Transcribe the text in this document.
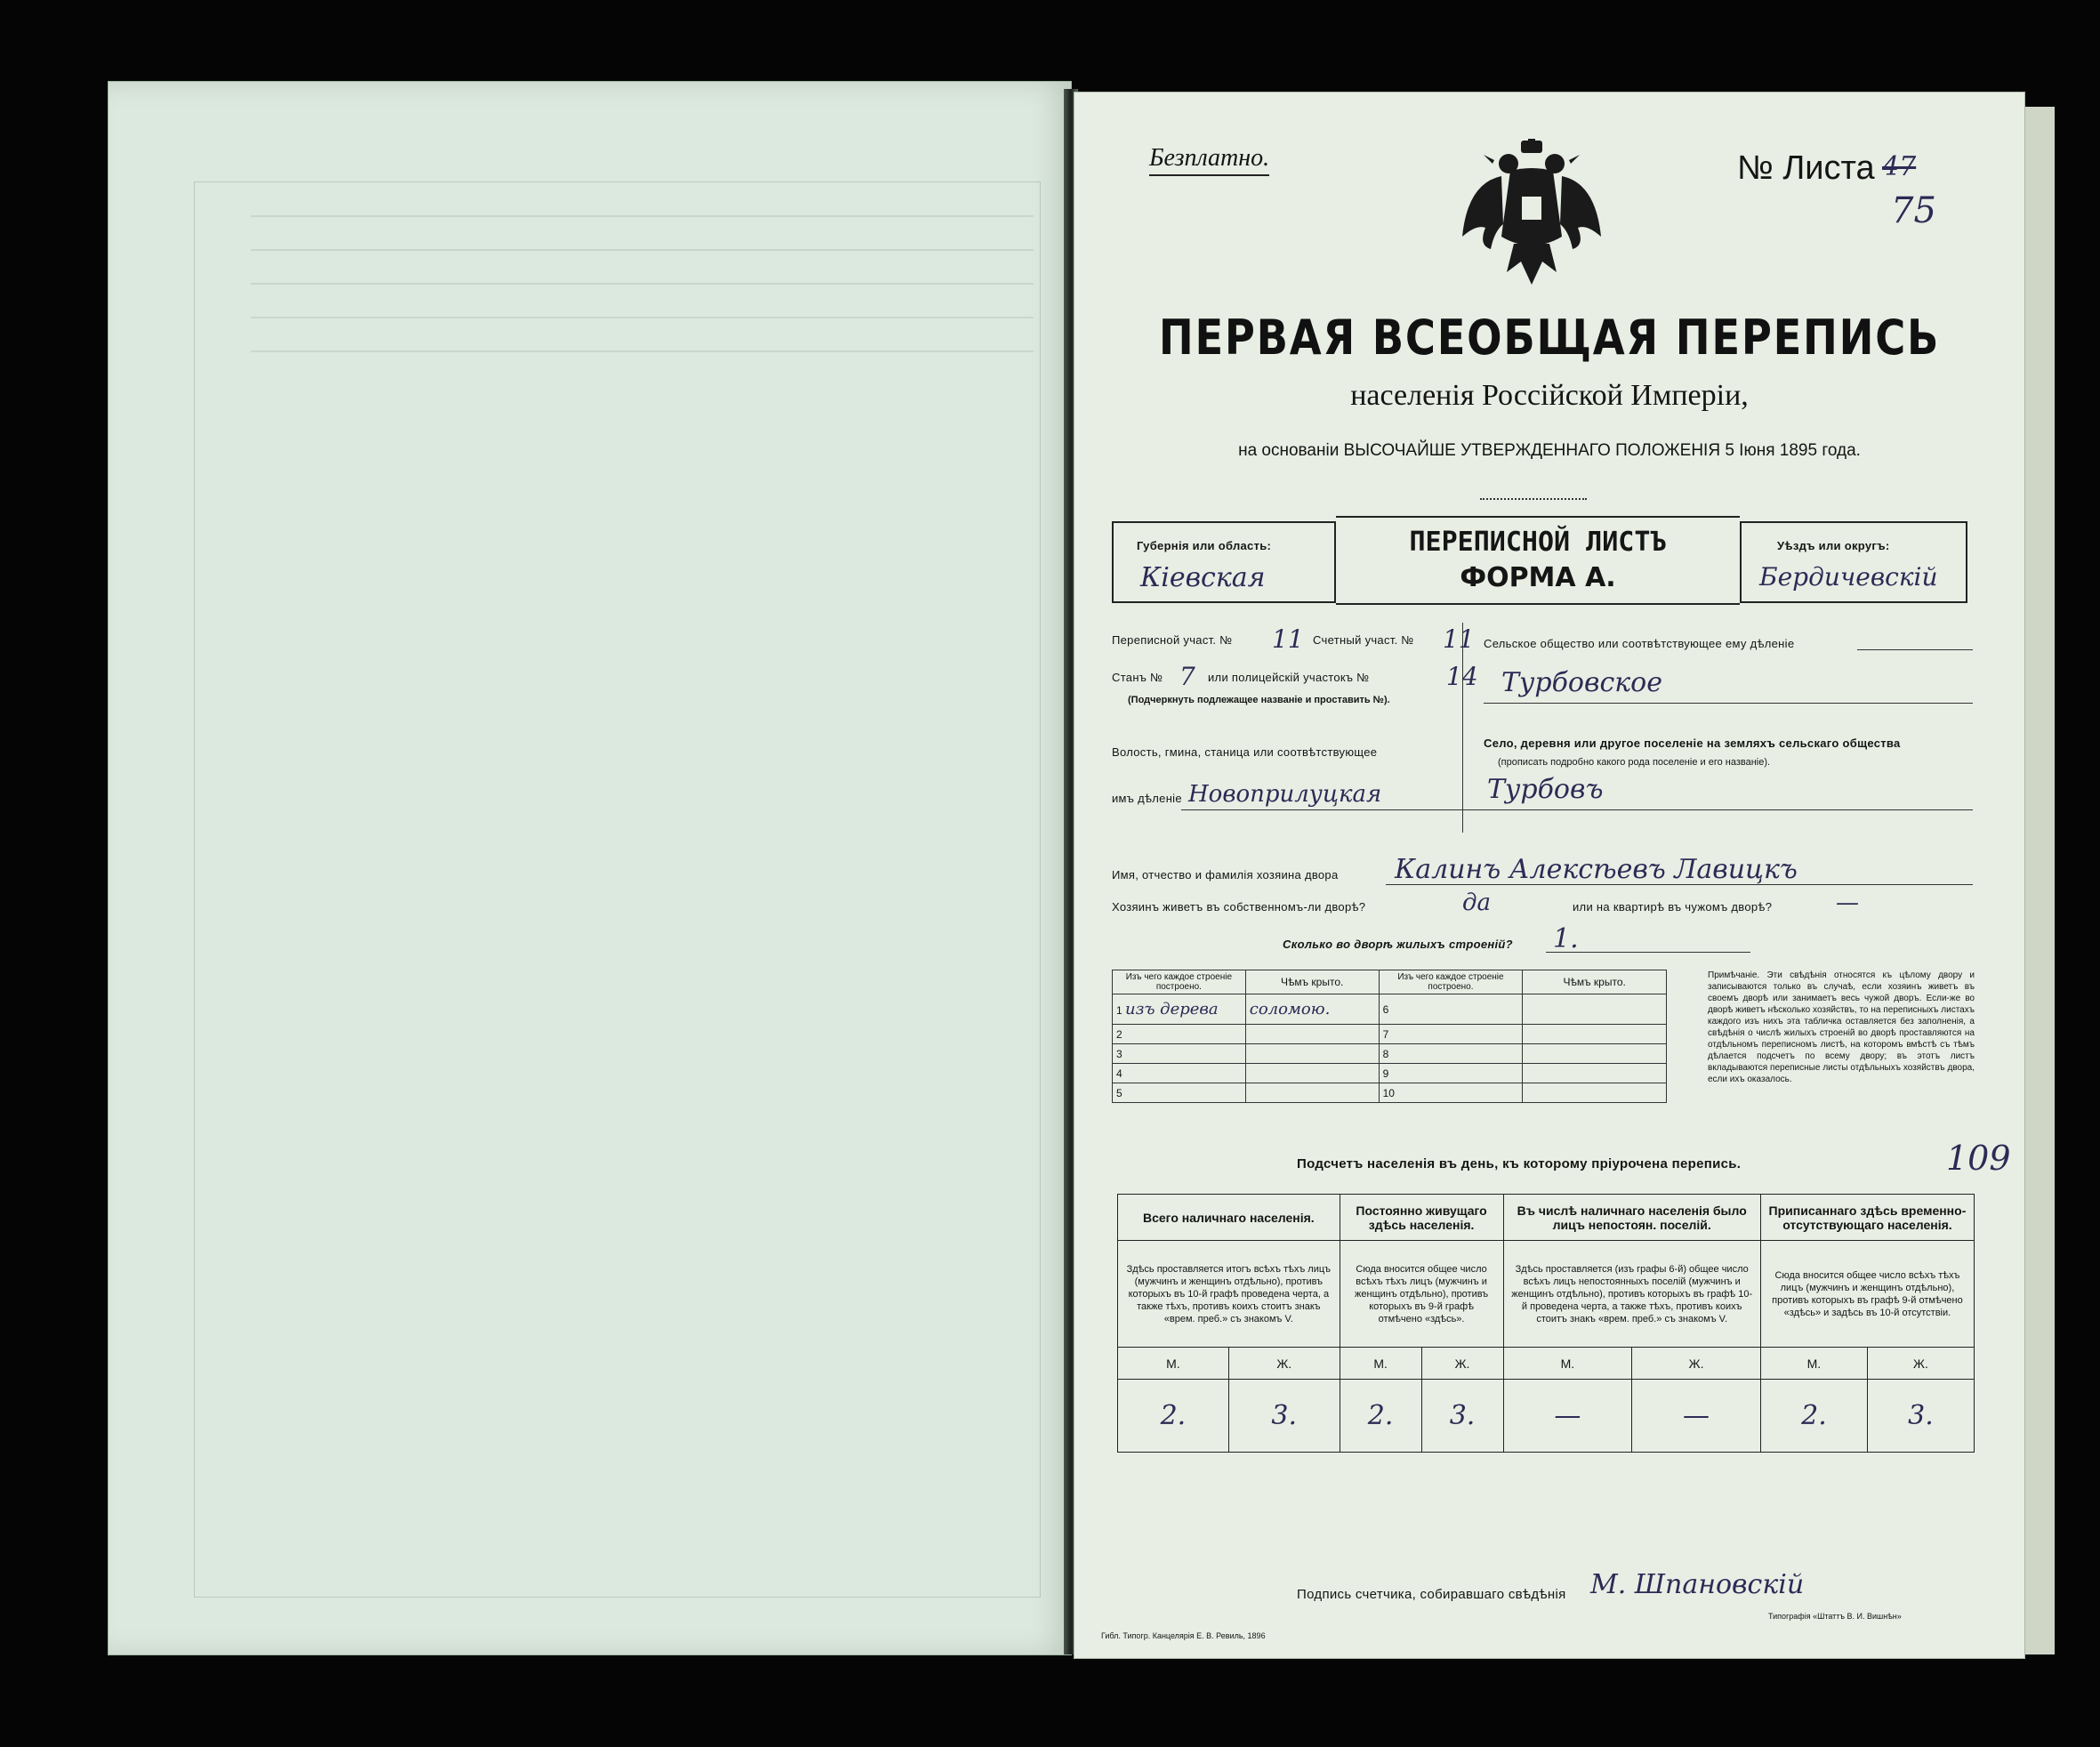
Безплатно.	№ Листа 47
75
ПЕРВАЯ ВСЕОБЩАЯ ПЕРЕПИСЬ
населенія Россійской Имперіи,
на основаніи ВЫСОЧАЙШЕ УТВЕРЖДЕННАГО ПОЛОЖЕНІЯ 5 Іюня 1895 года.
Губернія или область:
Кіевская
ПЕРЕПИСНОЙ ЛИСТЪ
ФОРМА А.
Уѣздъ или округъ:
Бердичевскій
Переписной участ. № 11 Счетный участ. № 11
Станъ № 7 или полицейскій участокъ №	14
(Подчеркнуть подлежащее названіе и проставить №).
Волость, гмина, станица или соотвѣтствующее
имъ дѣленіе Новоприлуцкая
Сельское общество или соотвѣтствующее ему дѣленіе
Турбовское
Село, деревня или другое поселеніе на земляхъ сельскаго общества
(прописать подробно какого рода поселеніе и его названіе).
Турбовъ
Имя, отчество и фамилія хозяина двора Калинъ Алексѣевъ Лавицкъ
Хозяинъ живетъ въ собственномъ-ли дворѣ?	да	или на квартирѣ въ чужомъ дворѣ?	—
Сколько во дворѣ жилыхъ строеній? 1.
Изъ чего каждое строеніе построено.	Чѣмъ крыто.	Изъ чего каждое строеніе построено.	Чѣмъ крыто.
1 изъ дерева	соломою.	6	
2		7	
3		8	
4		9	
5		10	
Примѣчаніе. Эти свѣдѣнія относятся къ цѣлому двору и записываются только въ случаѣ, если хозяинъ живетъ въ своемъ дворѣ или занимаетъ весь чужой дворъ. Если-же во дворѣ живетъ нѣсколько хозяйствъ, то на переписныхъ листахъ каждого изъ нихъ эта табличка оставляется без заполненія, а свѣдѣнія о числѣ жилыхъ строеній во дворѣ проставляются на отдѣльномъ переписномъ листѣ, на которомъ вмѣстѣ съ тѣмъ дѣлается подсчетъ по всему двору; въ этотъ листъ вкладываются переписные листы отдѣльныхъ хозяйствъ двора, если ихъ оказалось.
Подсчетъ населенія въ день, къ которому пріурочена перепись.	109
Всего наличнаго населенія.		Постоянно живущаго здѣсь населенія.		Въ числѣ наличнаго населенія было лицъ непостоян. поселій.		Приписаннаго здѣсь временно-отсутствующаго населенія.	
Здѣсь проставляется итогъ всѣхъ тѣхъ лицъ (мужчинъ и женщинъ отдѣльно), противъ которыхъ въ 10-й графѣ проведена черта, а также тѣхъ, противъ коихъ стоитъ знакъ «врем. преб.» съ знакомъ V.		Сюда вносится общее число всѣхъ тѣхъ лицъ (мужчинъ и женщинъ отдѣльно), противъ которыхъ въ 9-й графѣ отмѣчено «здѣсь».		Здѣсь проставляется (изъ графы 6-й) общее число всѣхъ лицъ непостоянныхъ поселій (мужчинъ и женщинъ отдѣльно), противъ которыхъ въ графѣ 10-й проведена черта, а также тѣхъ, противъ коихъ стоитъ знакъ «врем. преб.» съ знакомъ V.		Сюда вносится общее число всѣхъ тѣхъ лицъ (мужчинъ и женщинъ отдѣльно), противъ которыхъ въ графѣ 9-й отмѣчено «здѣсь» и задѣсь въ 10-й отсутствіи.	
М.	Ж.	М.	Ж.	М.	Ж.	М.	Ж.
2.	3.	2.	3.	—	—	2.	3.
Подпись счетчика, собиравшаго свѣдѣнія М. Шпановскій
Гибл. Типогр. Канцелярія Е. В. Ревиль, 1896
Типографія «Штаттъ В. И. Вишнѣн»
